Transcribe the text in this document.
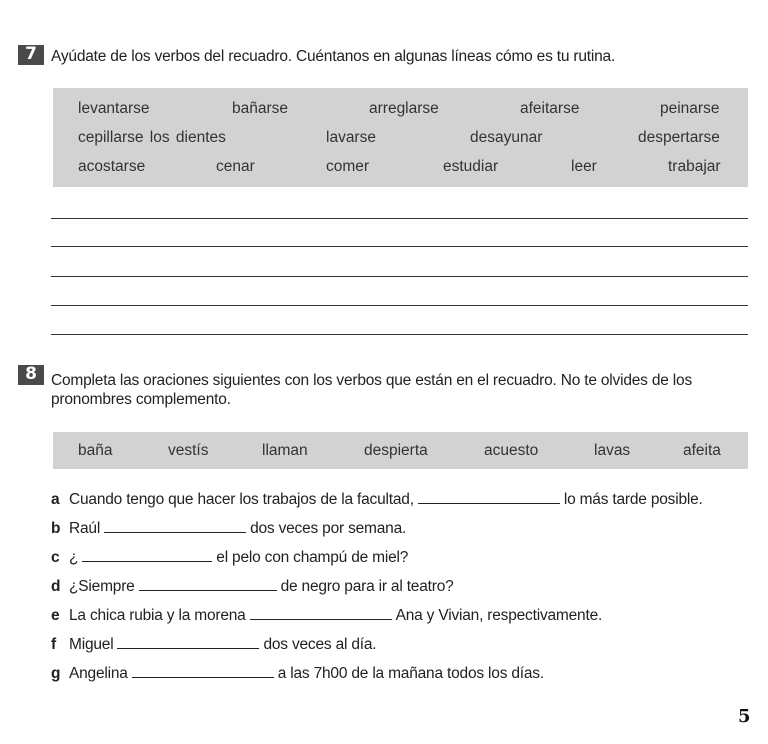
7 Ayúdate de los verbos del recuadro. Cuéntanos en algunas líneas cómo es tu rutina.
levantarse	bañarse	arreglarse	afeitarse	peinarse
cepillarse los dientes	lavarse	desayunar	despertarse
acostarse	cenar	comer	estudiar	leer	trabajar
8 Completa las oraciones siguientes con los verbos que están en el recuadro. No te olvides de los
pronombres complemento.
baña	vestís	llaman	despierta	acuesto	lavas	afeita
a Cuando tengo que hacer los trabajos de la facultad,	lo más tarde posible.
b Raúl	dos veces por semana.
c ¿	el pelo con champú de miel?
d ¿Siempre	de negro para ir al teatro?
e La chica rubia y la morena	Ana y Vivian, respectivamente.
f Miguel	dos veces al día.
g Angelina	a las 7h00 de la mañana todos los días.
5
